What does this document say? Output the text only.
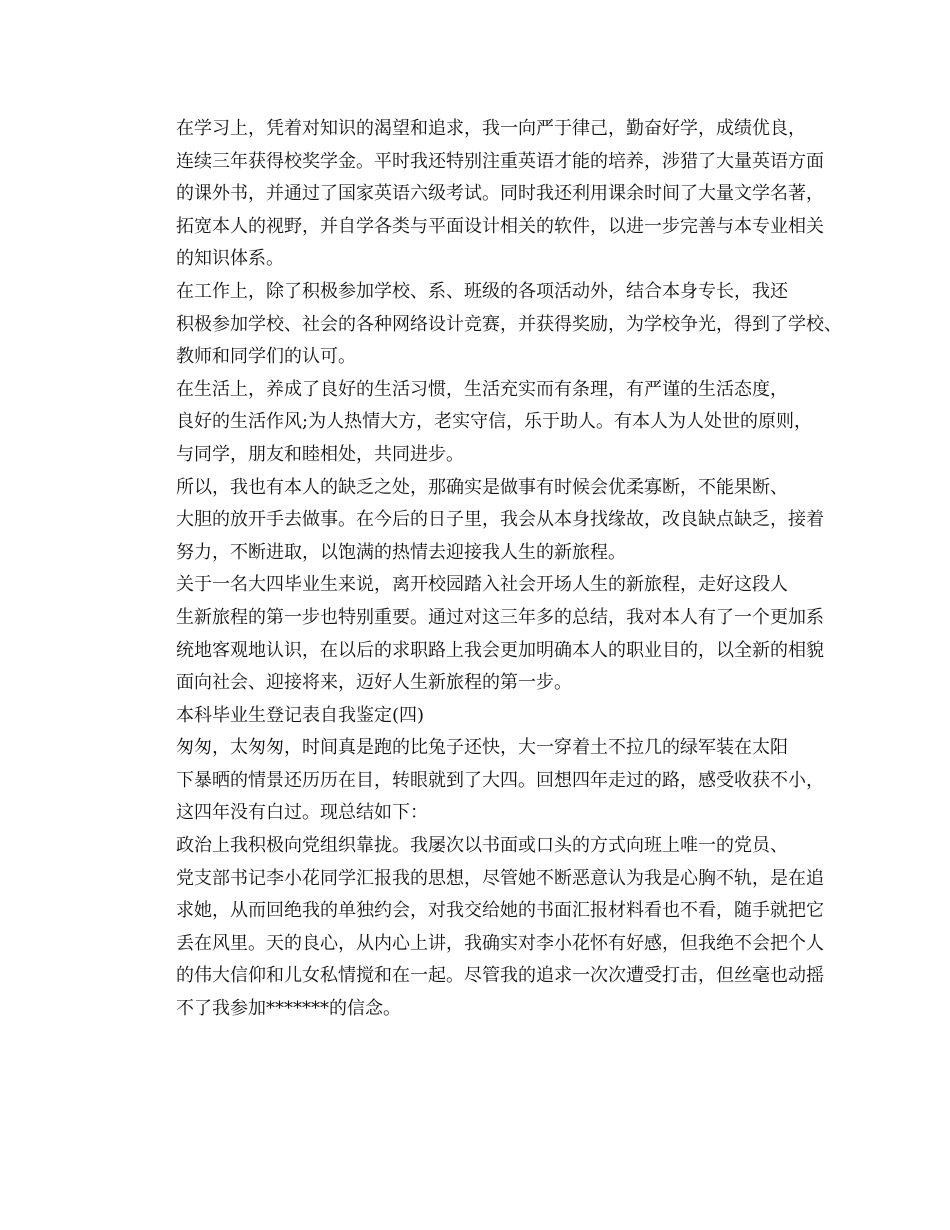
在学习上，凭着对知识的渴望和追求，我一向严于律己，勤奋好学，成绩优良，
连续三年获得校奖学金。平时我还特别注重英语才能的培养，涉猎了大量英语方面
的课外书，并通过了国家英语六级考试。同时我还利用课余时间了大量文学名著，
拓宽本人的视野，并自学各类与平面设计相关的软件，以进一步完善与本专业相关
的知识体系。

在工作上，除了积极参加学校、系、班级的各项活动外，结合本身专长，我还
积极参加学校、社会的各种网络设计竞赛，并获得奖励，为学校争光，得到了学校、
教师和同学们的认可。

在生活上，养成了良好的生活习惯，生活充实而有条理，有严谨的生活态度，
良好的生活作风;为人热情大方，老实守信，乐于助人。有本人为人处世的原则，
与同学，朋友和睦相处，共同进步。

所以，我也有本人的缺乏之处，那确实是做事有时候会优柔寡断，不能果断、
大胆的放开手去做事。在今后的日子里，我会从本身找缘故，改良缺点缺乏，接着
努力，不断进取，以饱满的热情去迎接我人生的新旅程。

关于一名大四毕业生来说，离开校园踏入社会开场人生的新旅程，走好这段人
生新旅程的第一步也特别重要。通过对这三年多的总结，我对本人有了一个更加系
统地客观地认识，在以后的求职路上我会更加明确本人的职业目的，以全新的相貌
面向社会、迎接将来，迈好人生新旅程的第一步。

本科毕业生登记表自我鉴定(四)

匆匆，太匆匆，时间真是跑的比兔子还快，大一穿着土不拉几的绿军装在太阳
下暴晒的情景还历历在目，转眼就到了大四。回想四年走过的路，感受收获不小，
这四年没有白过。现总结如下：

政治上我积极向党组织靠拢。我屡次以书面或口头的方式向班上唯一的党员、
党支部书记李小花同学汇报我的思想，尽管她不断恶意认为我是心胸不轨，是在追
求她，从而回绝我的单独约会，对我交给她的书面汇报材料看也不看，随手就把它
丢在风里。天的良心，从内心上讲，我确实对李小花怀有好感，但我绝不会把个人
的伟大信仰和儿女私情搅和在一起。尽管我的追求一次次遭受打击，但丝毫也动摇
不了我参加*******的信念。
